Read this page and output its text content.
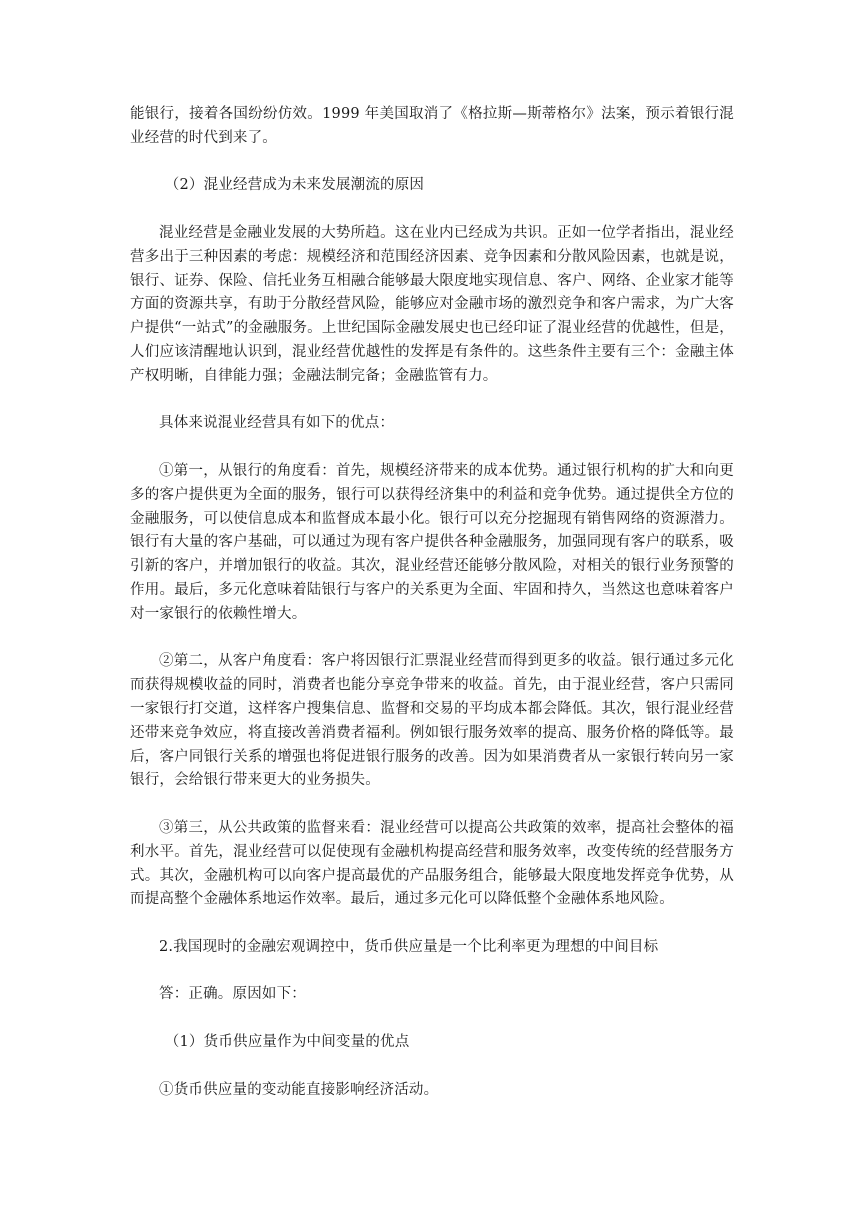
能银行，接着各国纷纷仿效。1999 年美国取消了《格拉斯—斯蒂格尔》法案，预示着银行混业经营的时代到来了。

（2）混业经营成为未来发展潮流的原因

混业经营是金融业发展的大势所趋。这在业内已经成为共识。正如一位学者指出，混业经营多出于三种因素的考虑：规模经济和范围经济因素、竞争因素和分散风险因素，也就是说，银行、证券、保险、信托业务互相融合能够最大限度地实现信息、客户、网络、企业家才能等方面的资源共享，有助于分散经营风险，能够应对金融市场的激烈竞争和客户需求，为广大客户提供“一站式”的金融服务。上世纪国际金融发展史也已经印证了混业经营的优越性，但是，人们应该清醒地认识到，混业经营优越性的发挥是有条件的。这些条件主要有三个：金融主体产权明晰，自律能力强；金融法制完备；金融监管有力。

具体来说混业经营具有如下的优点：

①第一，从银行的角度看：首先，规模经济带来的成本优势。通过银行机构的扩大和向更多的客户提供更为全面的服务，银行可以获得经济集中的利益和竞争优势。通过提供全方位的金融服务，可以使信息成本和监督成本最小化。银行可以充分挖掘现有销售网络的资源潜力。银行有大量的客户基础，可以通过为现有客户提供各种金融服务，加强同现有客户的联系，吸引新的客户，并增加银行的收益。其次，混业经营还能够分散风险，对相关的银行业务预警的作用。最后，多元化意味着陆银行与客户的关系更为全面、牢固和持久，当然这也意味着客户对一家银行的依赖性增大。

②第二，从客户角度看：客户将因银行汇票混业经营而得到更多的收益。银行通过多元化而获得规模收益的同时，消费者也能分享竞争带来的收益。首先，由于混业经营，客户只需同一家银行打交道，这样客户搜集信息、监督和交易的平均成本都会降低。其次，银行混业经营还带来竞争效应，将直接改善消费者福利。例如银行服务效率的提高、服务价格的降低等。最后，客户同银行关系的增强也将促进银行服务的改善。因为如果消费者从一家银行转向另一家银行，会给银行带来更大的业务损失。

③第三，从公共政策的监督来看：混业经营可以提高公共政策的效率，提高社会整体的福利水平。首先，混业经营可以促使现有金融机构提高经营和服务效率，改变传统的经营服务方式。其次，金融机构可以向客户提高最优的产品服务组合，能够最大限度地发挥竞争优势，从而提高整个金融体系地运作效率。最后，通过多元化可以降低整个金融体系地风险。

2.我国现时的金融宏观调控中，货币供应量是一个比利率更为理想的中间目标

答：正确。原因如下：

（1）货币供应量作为中间变量的优点

①货币供应量的变动能直接影响经济活动。
